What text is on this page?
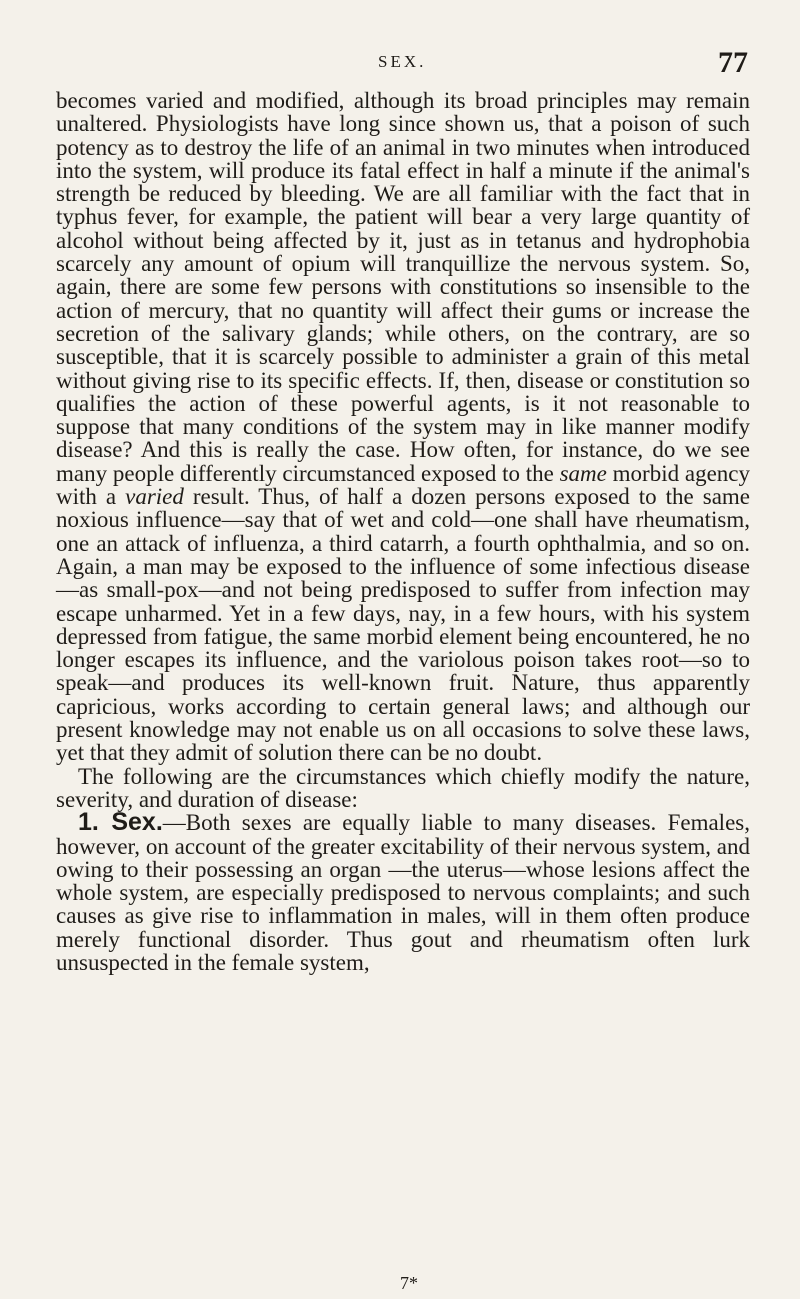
SEX.	77

becomes varied and modified, although its broad principles may remain unaltered. Physiologists have long since shown us, that a poison of such potency as to destroy the life of an animal in two minutes when introduced into the system, will produce its fatal effect in half a minute if the animal's strength be reduced by bleeding. We are all familiar with the fact that in typhus fever, for example, the patient will bear a very large quantity of alcohol without being affected by it, just as in tetanus and hydrophobia scarcely any amount of opium will tranquillize the nervous system. So, again, there are some few persons with constitutions so insensible to the action of mercury, that no quantity will affect their gums or increase the secretion of the salivary glands; while others, on the contrary, are so susceptible, that it is scarcely possible to administer a grain of this metal without giving rise to its specific effects. If, then, disease or constitution so qualifies the action of these powerful agents, is it not reasonable to suppose that many conditions of the system may in like manner modify disease? And this is really the case. How often, for instance, do we see many people differently circumstanced exposed to the same morbid agency with a varied result. Thus, of half a dozen persons exposed to the same noxious influence—say that of wet and cold—one shall have rheumatism, one an attack of influenza, a third catarrh, a fourth ophthalmia, and so on. Again, a man may be exposed to the influence of some infectious disease—as small-pox—and not being predisposed to suffer from infection may escape unharmed. Yet in a few days, nay, in a few hours, with his system depressed from fatigue, the same morbid element being encountered, he no longer escapes its influence, and the variolous poison takes root—so to speak—and produces its well-known fruit. Nature, thus apparently capricious, works according to certain general laws; and although our present knowledge may not enable us on all occasions to solve these laws, yet that they admit of solution there can be no doubt.

The following are the circumstances which chiefly modify the nature, severity, and duration of disease:

1. Sex.—Both sexes are equally liable to many diseases. Females, however, on account of the greater excitability of their nervous system, and owing to their possessing an organ —the uterus—whose lesions affect the whole system, are especially predisposed to nervous complaints; and such causes as give rise to inflammation in males, will in them often produce merely functional disorder. Thus gout and rheumatism often lurk unsuspected in the female system,

7*
